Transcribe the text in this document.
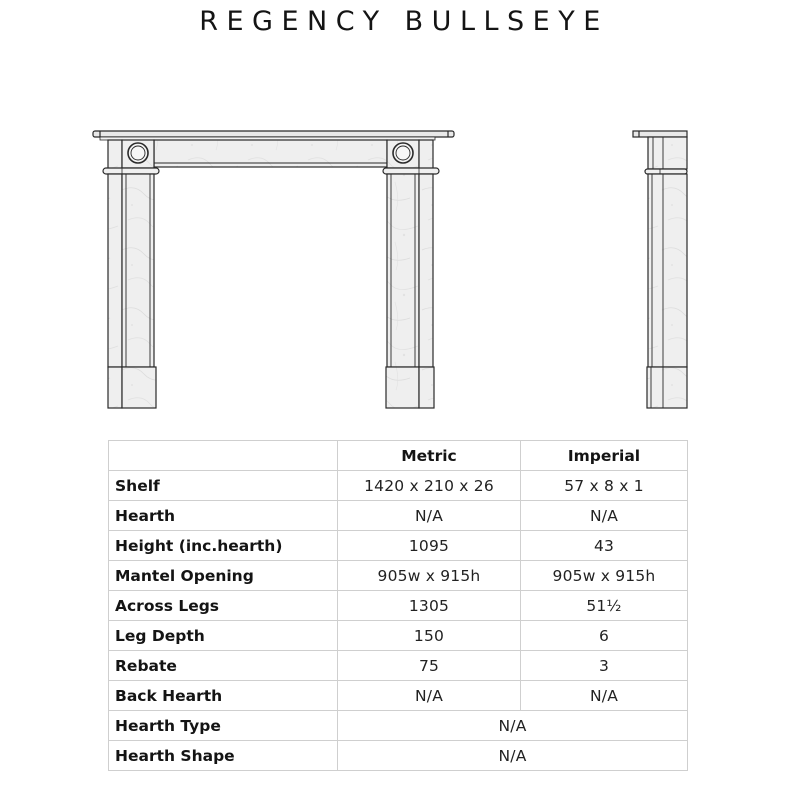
REGENCY BULLSEYE
	Metric	Imperial
Shelf	1420 x 210 x 26	57 x 8 x 1
Hearth	N/A	N/A
Height (inc.hearth)	1095	43
Mantel Opening	905w x 915h	905w x 915h
Across Legs	1305	51½
Leg Depth	150	6
Rebate	75	3
Back Hearth	N/A	N/A
Hearth Type	N/A	
Hearth Shape	N/A	
